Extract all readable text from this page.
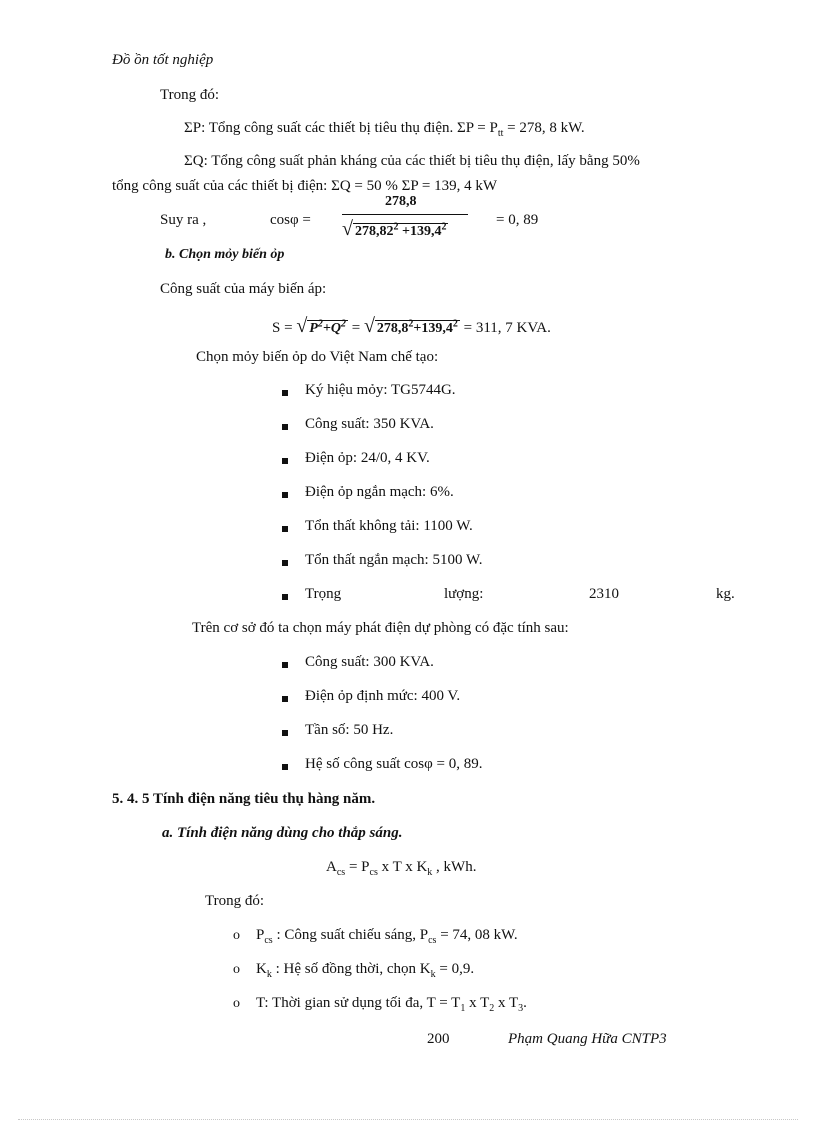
Đồ ồn tốt nghiệp
Trong đó:
ΣP: Tổng công suất các thiết bị tiêu thụ điện. $\Sigma P = P_{tt} = 278$, 8 kW.
ΣQ: Tổng công suất phản kháng của các thiết bị tiêu thụ điện, lấy bằng 50%
tổng công suất của các thiết bị điện: ΣQ = 50 % ΣP = 139, 4 kW
Suy ra ,	cosφ =
278,8
√ $278,82^2 +139,4^2$	= 0, 89
b. Chọn mỏy biến ỏp
Công suất của máy biến áp:
S = √ $P^2+Q^2$ = √ $278,8^2+139,4^2 = 311$, 7 KVA.
Chọn mỏy biến ỏp do Việt Nam chế tạo:
Ký hiệu mỏy: TG5744G.
Công suất: 350 KVA.
Điện ỏp: 24/0, 4 KV.
Điện ỏp ngắn mạch: 6%.
Tổn thất không tải: 1100 W.
Tổn thất ngắn mạch: 5100 W.
Trọng	lượng:	2310	kg.
Trên cơ sở đó ta chọn máy phát điện dự phòng có đặc tính sau:
Công suất: 300 KVA.
Điện ỏp định mức: 400 V.
Tần số: 50 Hz.
Hệ số công suất cosφ = 0, 89.
5. 4. 5 Tính điện năng tiêu thụ hàng năm.
a. Tính điện năng dùng cho thắp sáng.
$A_{cs} = P_{cs}$ x T x $K_k$ , kWh.
Trong đó:
o $P_{cs}$ : Công suất chiếu sáng, $P_{cs} = 74$, 08 kW.
o $K_k$ : Hệ số đồng thời, chọn $K_k = 0,9$.
o T: Thời gian sử dụng tối đa, $T = T_1$ x $T_2$ x $T_3$.
200	Phạm Quang Hữa CNTP3
